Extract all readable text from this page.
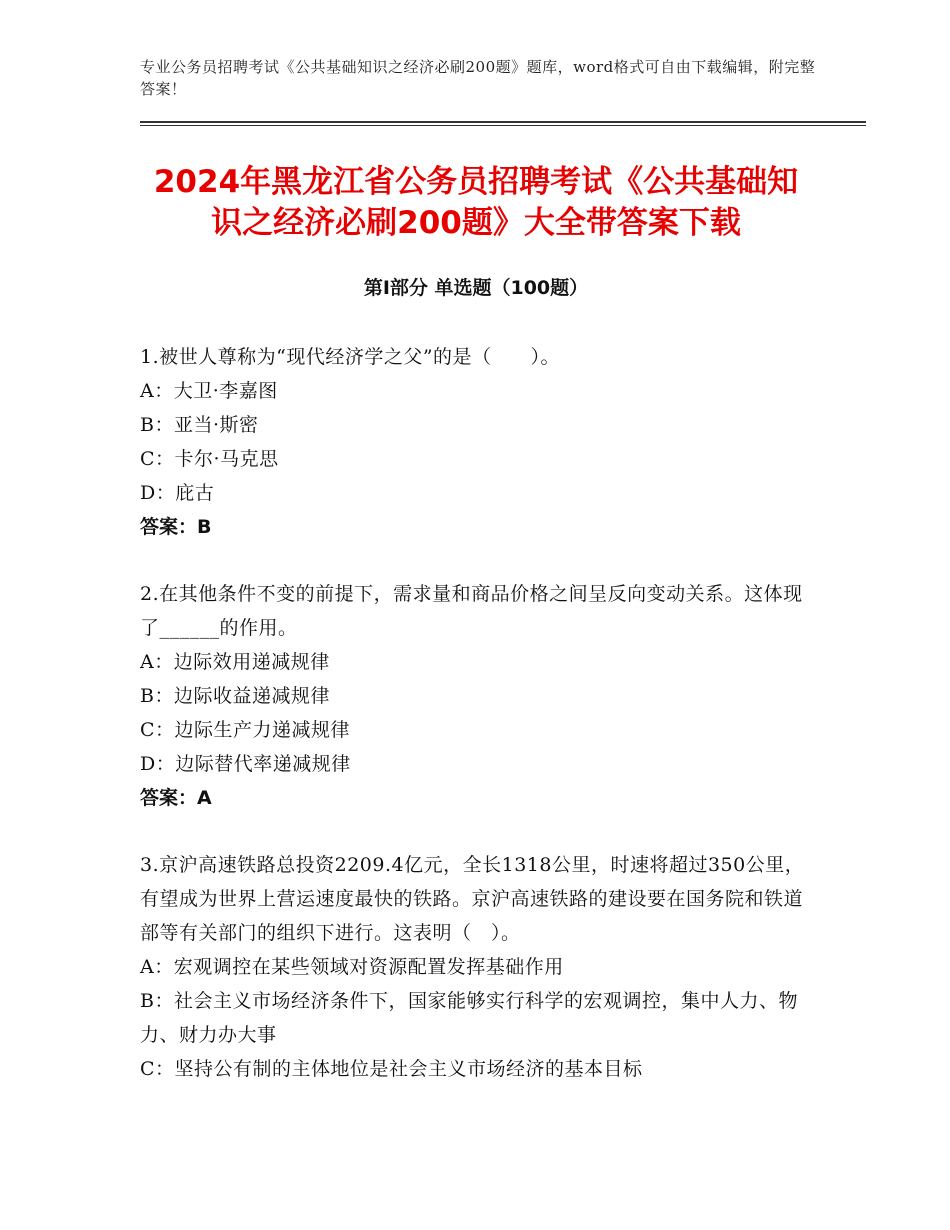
专业公务员招聘考试《公共基础知识之经济必刷200题》题库，word格式可自由下载编辑，附完整答案！
2024年黑龙江省公务员招聘考试《公共基础知识之经济必刷200题》大全带答案下载
第Ⅰ部分 单选题（100题）
1.被世人尊称为“现代经济学之父”的是（　　）。
A：大卫·李嘉图
B：亚当·斯密
C：卡尔·马克思
D：庇古
答案：B
2.在其他条件不变的前提下，需求量和商品价格之间呈反向变动关系。这体现了______的作用。
A：边际效用递减规律
B：边际收益递减规律
C：边际生产力递减规律
D：边际替代率递减规律
答案：A
3.京沪高速铁路总投资2209.4亿元，全长1318公里，时速将超过350公里，有望成为世界上营运速度最快的铁路。京沪高速铁路的建设要在国务院和铁道部等有关部门的组织下进行。这表明（　）。
A：宏观调控在某些领域对资源配置发挥基础作用
B：社会主义市场经济条件下，国家能够实行科学的宏观调控，集中人力、物力、财力办大事
C：坚持公有制的主体地位是社会主义市场经济的基本目标
